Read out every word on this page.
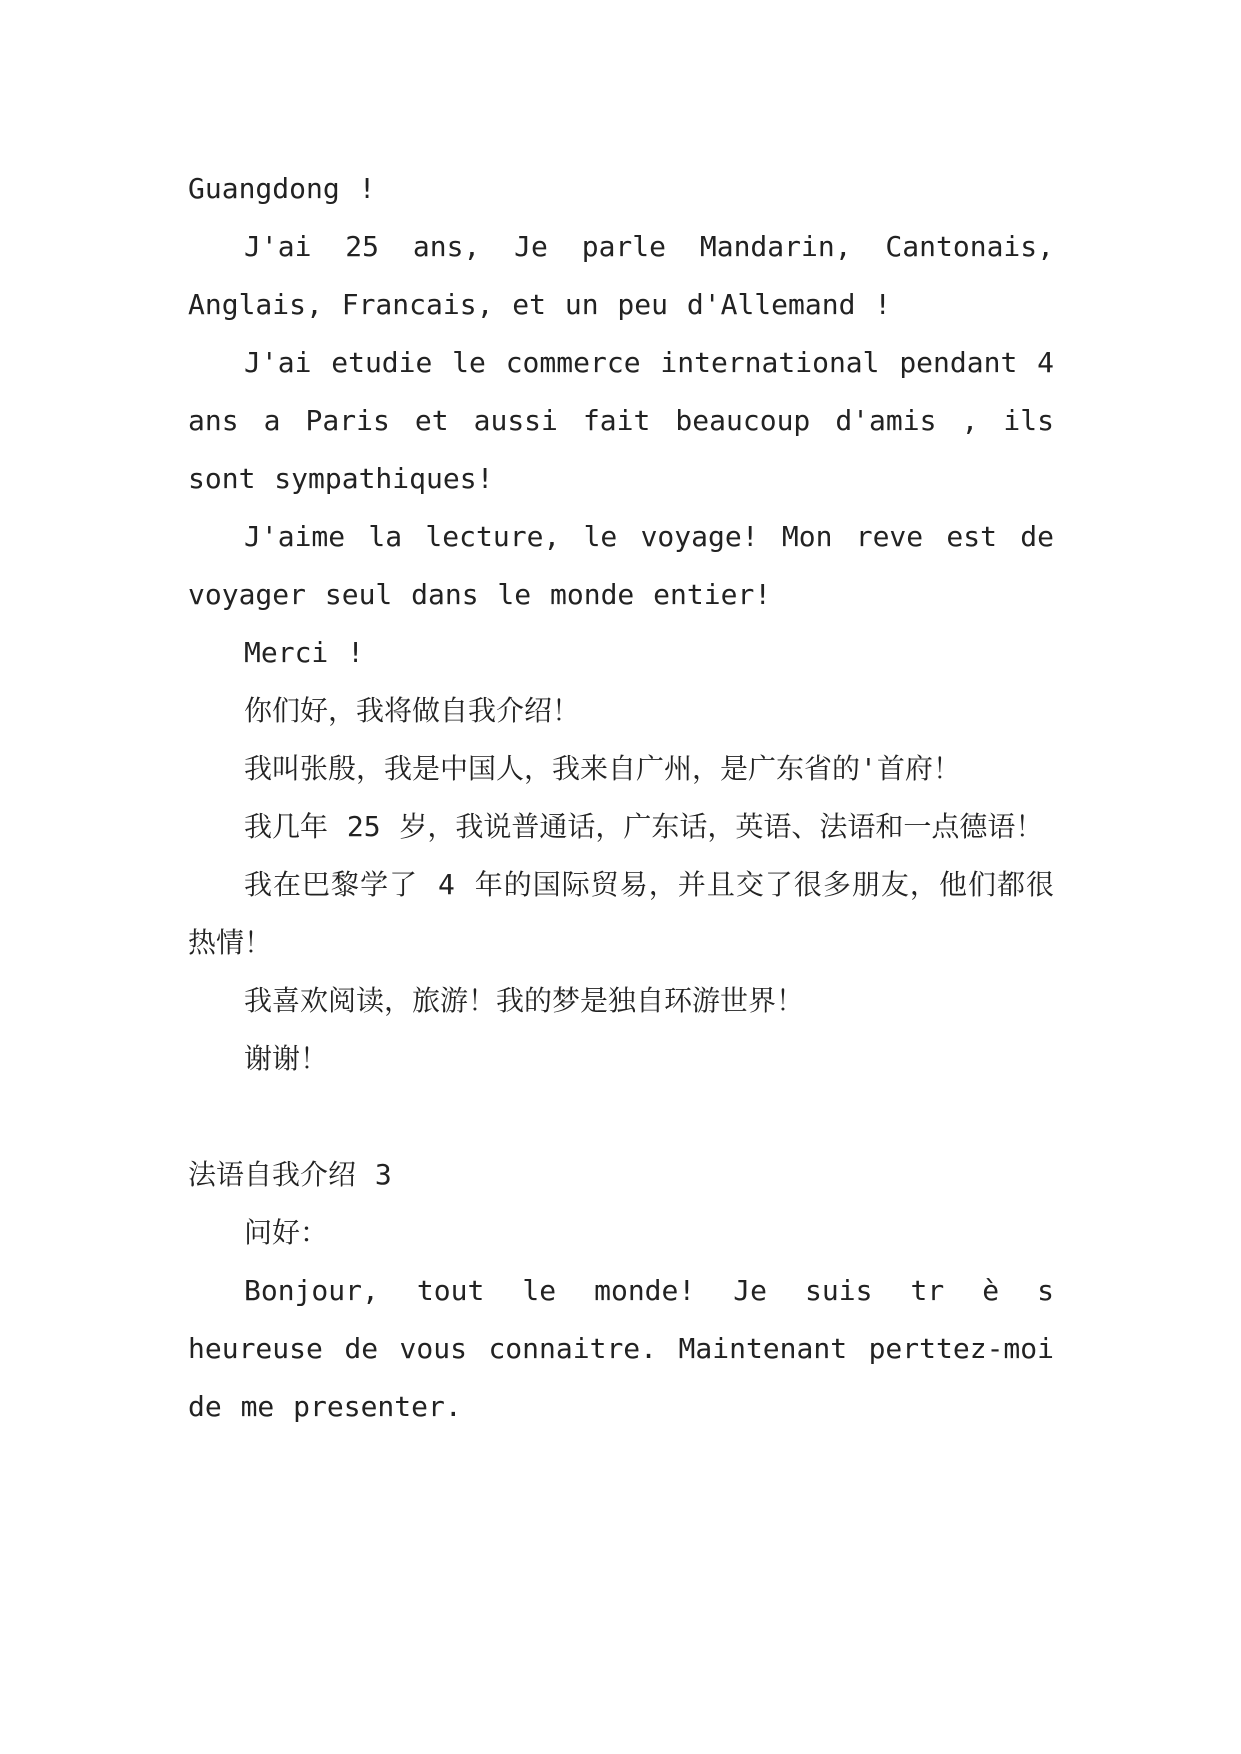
Guangdong !

J'ai 25 ans, Je parle Mandarin, Cantonais, Anglais, Francais, et un peu d'Allemand !

J'ai etudie le commerce international pendant 4 ans a Paris et aussi fait beaucoup d'amis , ils sont sympathiques!

J'aime la lecture, le voyage! Mon reve est de voyager seul dans le monde entier!

Merci !

你们好，我将做自我介绍！

我叫张殷，我是中国人，我来自广州，是广东省的'首府！

我几年 25 岁，我说普通话，广东话，英语、法语和一点德语！

我在巴黎学了 4 年的国际贸易，并且交了很多朋友，他们都很热情！

我喜欢阅读，旅游！我的梦是独自环游世界！

谢谢！

法语自我介绍 3

问好：

Bonjour, tout le monde! Je suis tr è s heureuse de vous connaitre. Maintenant perttez-moi de me presenter.
